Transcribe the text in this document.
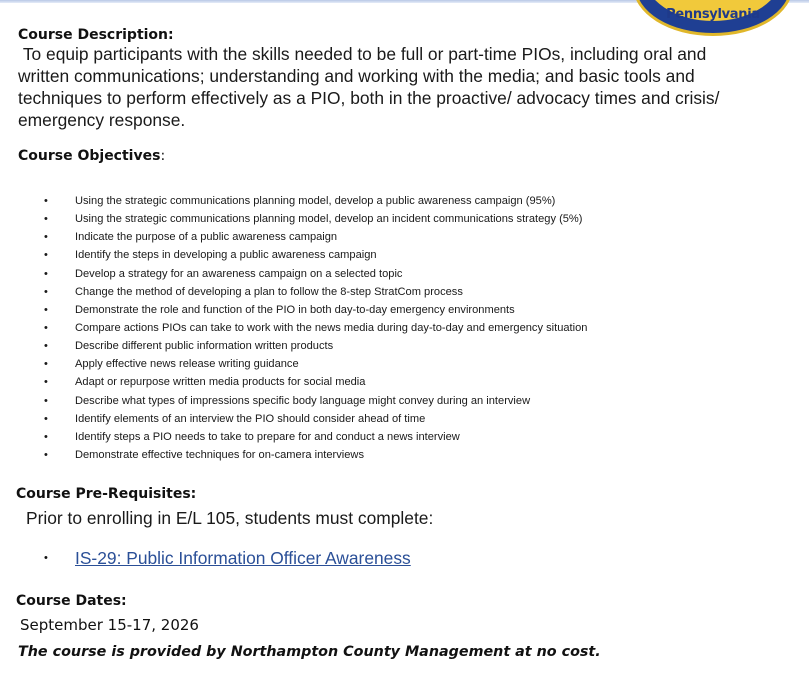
Pennsylvania
Course Description:
To equip participants with the skills needed to be full or part-time PIOs, including oral and written communications; understanding and working with the media; and basic tools and techniques to perform effectively as a PIO, both in the proactive/ advocacy times and crisis/ emergency response.
Course Objectives:
• Using the strategic communications planning model, develop a public awareness campaign (95%)
• Using the strategic communications planning model, develop an incident communications strategy (5%)
• Indicate the purpose of a public awareness campaign
• Identify the steps in developing a public awareness campaign
• Develop a strategy for an awareness campaign on a selected topic
• Change the method of developing a plan to follow the 8-step StratCom process
• Demonstrate the role and function of the PIO in both day-to-day emergency environments
• Compare actions PIOs can take to work with the news media during day-to-day and emergency situation
• Describe different public information written products
• Apply effective news release writing guidance
• Adapt or repurpose written media products for social media
• Describe what types of impressions specific body language might convey during an interview
• Identify elements of an interview the PIO should consider ahead of time
• Identify steps a PIO needs to take to prepare for and conduct a news interview
• Demonstrate effective techniques for on-camera interviews
Course Pre-Requisites:
Prior to enrolling in E/L 105, students must complete:
• IS-29: Public Information Officer Awareness
Course Dates:
September 15-17, 2026
The course is provided by Northampton County Management at no cost.
